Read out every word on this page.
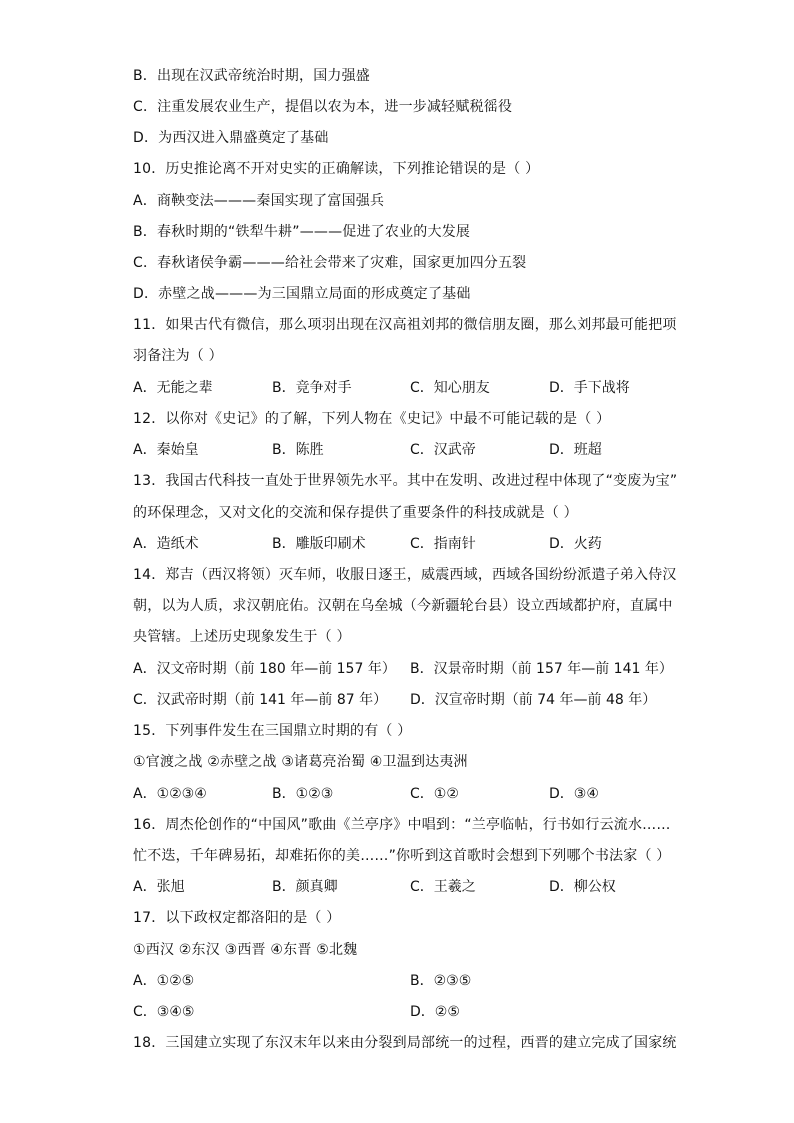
B．出现在汉武帝统治时期，国力强盛
C．注重发展农业生产，提倡以农为本，进一步减轻赋税徭役
D．为西汉进入鼎盛奠定了基础
10．历史推论离不开对史实的正确解读，下列推论错误的是（ ）
A．商鞅变法———秦国实现了富国强兵
B．春秋时期的“铁犁牛耕”———促进了农业的大发展
C．春秋诸侯争霸———给社会带来了灾难，国家更加四分五裂
D．赤壁之战———为三国鼎立局面的形成奠定了基础
11．如果古代有微信，那么项羽出现在汉高祖刘邦的微信朋友圈，那么刘邦最可能把项
羽备注为（ ）
A．无能之辈	B．竞争对手	C．知心朋友	D．手下战将
12．以你对《史记》的了解，下列人物在《史记》中最不可能记载的是（ ）
A．秦始皇	B．陈胜	C．汉武帝	D．班超
13．我国古代科技一直处于世界领先水平。其中在发明、改进过程中体现了“变废为宝”
的环保理念，又对文化的交流和保存提供了重要条件的科技成就是（ ）
A．造纸术	B．雕版印刷术	C．指南针	D．火药
14．郑吉（西汉将领）灭车师，收服日逐王，威震西域，西域各国纷纷派遣子弟入侍汉
朝，以为人质，求汉朝庇佑。汉朝在乌垒城（今新疆轮台县）设立西域都护府，直属中
央管辖。上述历史现象发生于（ ）
A．汉文帝时期（前 180 年—前 157 年） B．汉景帝时期（前 157 年—前 141 年）
C．汉武帝时期（前 141 年—前 87 年） D．汉宣帝时期（前 74 年—前 48 年）
15．下列事件发生在三国鼎立时期的有（ ）
①官渡之战 ②赤壁之战 ③诸葛亮治蜀 ④卫温到达夷洲
A．①②③④	B．①②③	C．①②	D．③④
16．周杰伦创作的“中国风”歌曲《兰亭序》中唱到：“兰亭临帖，行书如行云流水……
忙不迭，千年碑易拓，却难拓你的美……”你听到这首歌时会想到下列哪个书法家（ ）
A．张旭	B．颜真卿	C．王羲之	D．柳公权
17．以下政权定都洛阳的是（ ）
①西汉 ②东汉 ③西晋 ④东晋 ⑤北魏
A．①②⑤	B．②③⑤
C．③④⑤	D．②⑤
18．三国建立实现了东汉末年以来由分裂到局部统一的过程，西晋的建立完成了国家统
